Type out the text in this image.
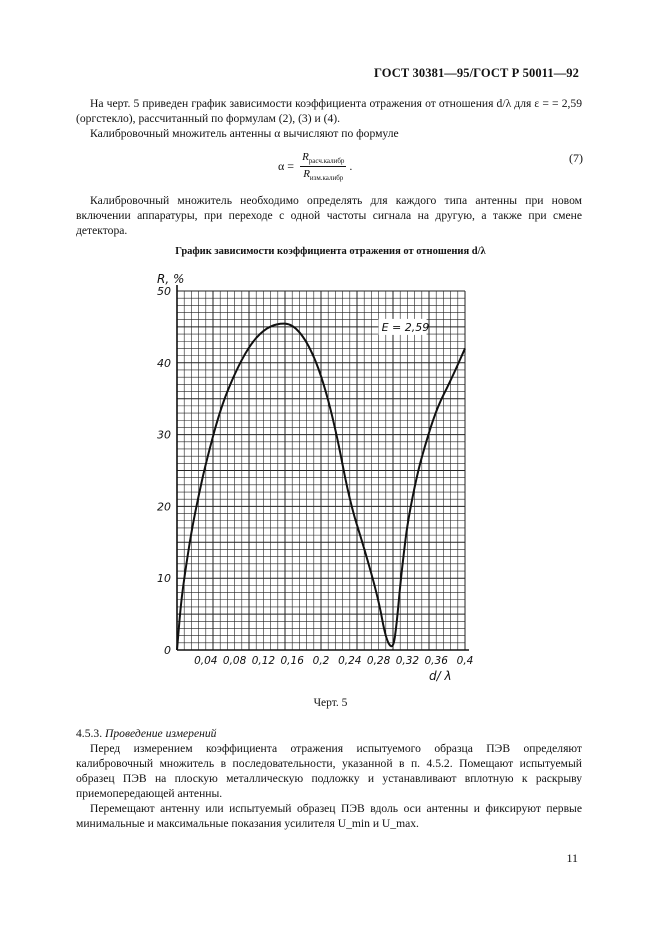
ГОСТ 30381—95/ГОСТ Р 50011—92
На черт. 5 приведен график зависимости коэффициента отражения от отношения d/λ для ε = = 2,59 (оргстекло), рассчитанный по формулам (2), (3) и (4).
Калибровочный множитель антенны α вычисляют по формуле
$\alpha = \frac{R_{расч.калибр}}{R_{изм.калибр}}$ .
(7)
Калибровочный множитель необходимо определять для каждого типа антенны при новом включении аппаратуры, при переходе с одной частоты сигнала на другую, а также при смене детектора.
График зависимости коэффициента отражения от отношения d/λ
0
10
20
30
40
50
0,04 0,08 0,12 0,16 0,2 0,24 0,28 0,32 0,36 0,4
R, %
d/ λ
E = 2,59
Черт. 5
4.5.3. Проведение измерений
Перед измерением коэффициента отражения испытуемого образца ПЭВ определяют калибровочный множитель в последовательности, указанной в п. 4.5.2. Помещают испытуемый образец ПЭВ на плоскую металлическую подложку и устанавливают вплотную к раскрыву приемопередающей антенны.
Перемещают антенну или испытуемый образец ПЭВ вдоль оси антенны и фиксируют первые минимальные и максимальные показания усилителя U_min и U_max.
11
